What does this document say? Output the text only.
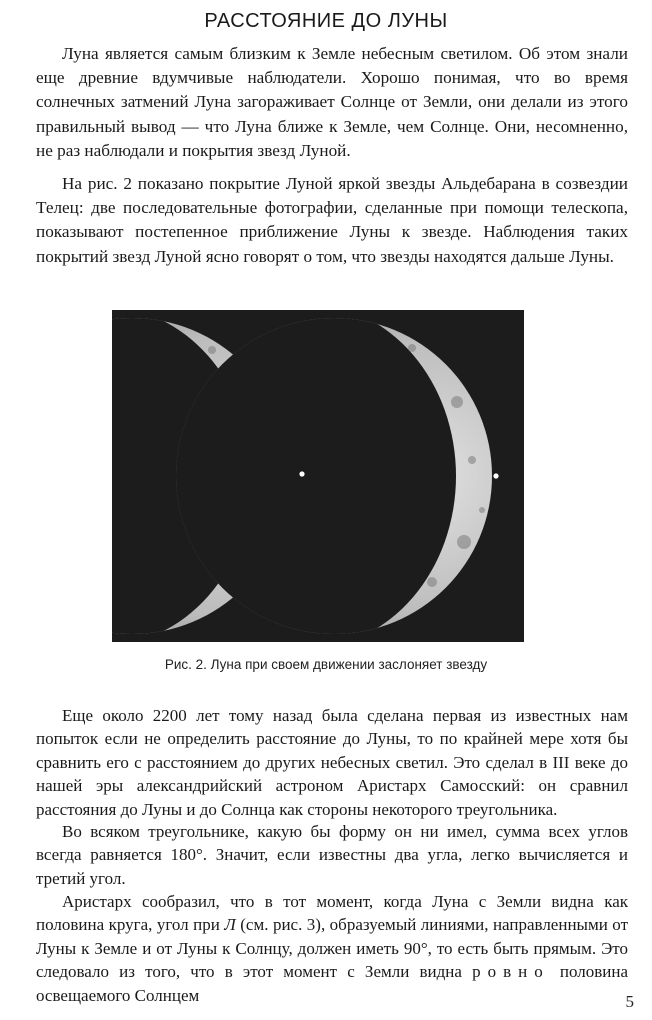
РАССТОЯНИЕ ДО ЛУНЫ

Луна является самым близким к Земле небесным светилом. Об этом знали еще древние вдумчивые наблюдатели. Хорошо понимая, что во время солнечных затмений Луна загораживает Солнце от Земли, они делали из этого правильный вывод — что Луна ближе к Земле, чем Солнце. Они, несомненно, не раз наблюдали и покрытия звезд Луной.

На рис. 2 показано покрытие Луной яркой звезды Альдебарана в созвездии Телец: две последовательные фотографии, сделанные при помощи телескопа, показывают постепенное приближение Луны к звезде. Наблюдения таких покрытий звезд Луной ясно говорят о том, что звезды находятся дальше Луны.

Рис. 2. Луна при своем движении заслоняет звезду

Еще около 2200 лет тому назад была сделана первая из известных нам попыток если не определить расстояние до Луны, то по крайней мере хотя бы сравнить его с расстоянием до других небесных светил. Это сделал в III веке до нашей эры александрийский астроном Аристарх Самосский: он сравнил расстояния до Луны и до Солнца как стороны некоторого треугольника.

Во всяком треугольнике, какую бы форму он ни имел, сумма всех углов всегда равняется 180°. Значит, если известны два угла, легко вычисляется и третий угол.

Аристарх сообразил, что в тот момент, когда Луна с Земли видна как половина круга, угол при Л (см. рис. 3), образуемый линиями, направленными от Луны к Земле и от Луны к Солнцу, должен иметь 90°, то есть быть прямым. Это следовало из того, что в этот момент с Земли видна ровно половина освещаемого Солнцем	5
